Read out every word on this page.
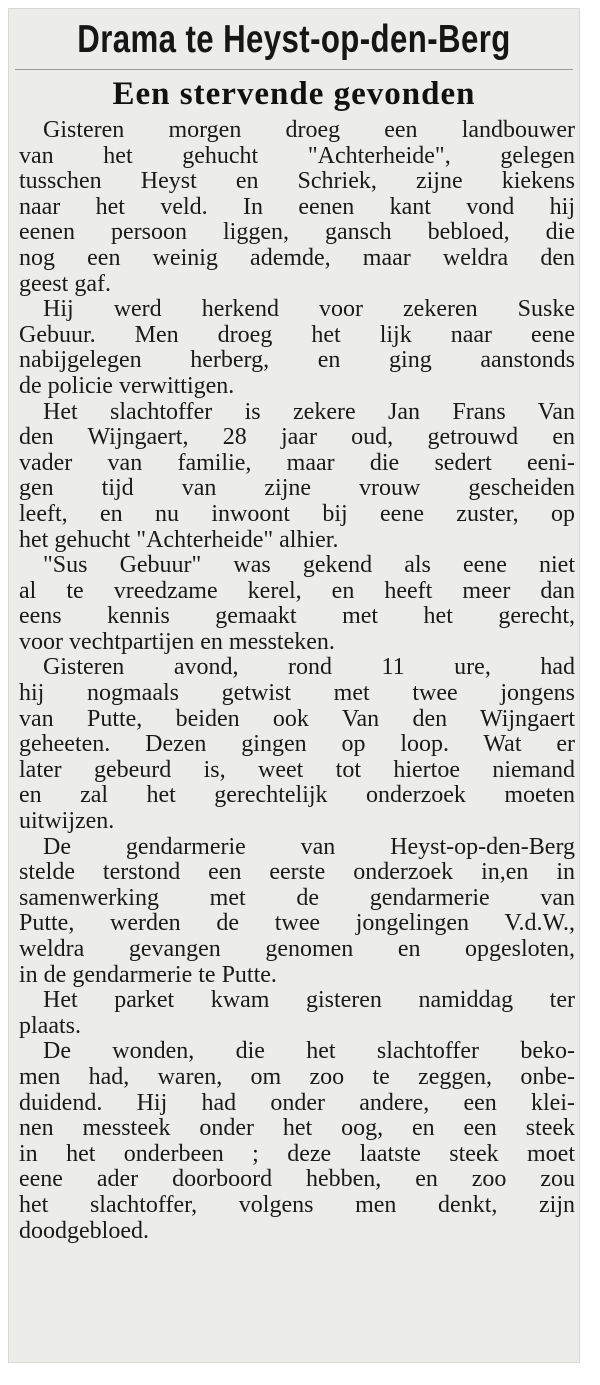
Drama te Heyst-op-den-Berg
Een stervende gevonden
Gisteren morgen droeg een landbouwer
van het gehucht "Achterheide", gelegen
tusschen Heyst en Schriek, zijne kiekens
naar het veld. In eenen kant vond hij
eenen persoon liggen, gansch bebloed, die
nog een weinig ademde, maar weldra den
geest gaf.
Hij werd herkend voor zekeren Suske
Gebuur. Men droeg het lijk naar eene
nabijgelegen herberg, en ging aanstonds
de policie verwittigen.
Het slachtoffer is zekere Jan Frans Van
den Wijngaert, 28 jaar oud, getrouwd en
vader van familie, maar die sedert eeni-
gen tijd van zijne vrouw gescheiden
leeft, en nu inwoont bij eene zuster, op
het gehucht "Achterheide" alhier.
"Sus Gebuur" was gekend als eene niet
al te vreedzame kerel, en heeft meer dan
eens kennis gemaakt met het gerecht,
voor vechtpartijen en messteken.
Gisteren avond, rond 11 ure, had
hij nogmaals getwist met twee jongens
van Putte, beiden ook Van den Wijngaert
geheeten. Dezen gingen op loop. Wat er
later gebeurd is, weet tot hiertoe niemand
en zal het gerechtelijk onderzoek moeten
uitwijzen.
De gendarmerie van Heyst-op-den-Berg
stelde terstond een eerste onderzoek in,en in
samenwerking met de gendarmerie van
Putte, werden de twee jongelingen V.d.W.,
weldra gevangen genomen en opgesloten,
in de gendarmerie te Putte.
Het parket kwam gisteren namiddag ter
plaats.
De wonden, die het slachtoffer beko-
men had, waren, om zoo te zeggen, onbe-
duidend. Hij had onder andere, een klei-
nen messteek onder het oog, en een steek
in het onderbeen ; deze laatste steek moet
eene ader doorboord hebben, en zoo zou
het slachtoffer, volgens men denkt, zijn
doodgebloed.
